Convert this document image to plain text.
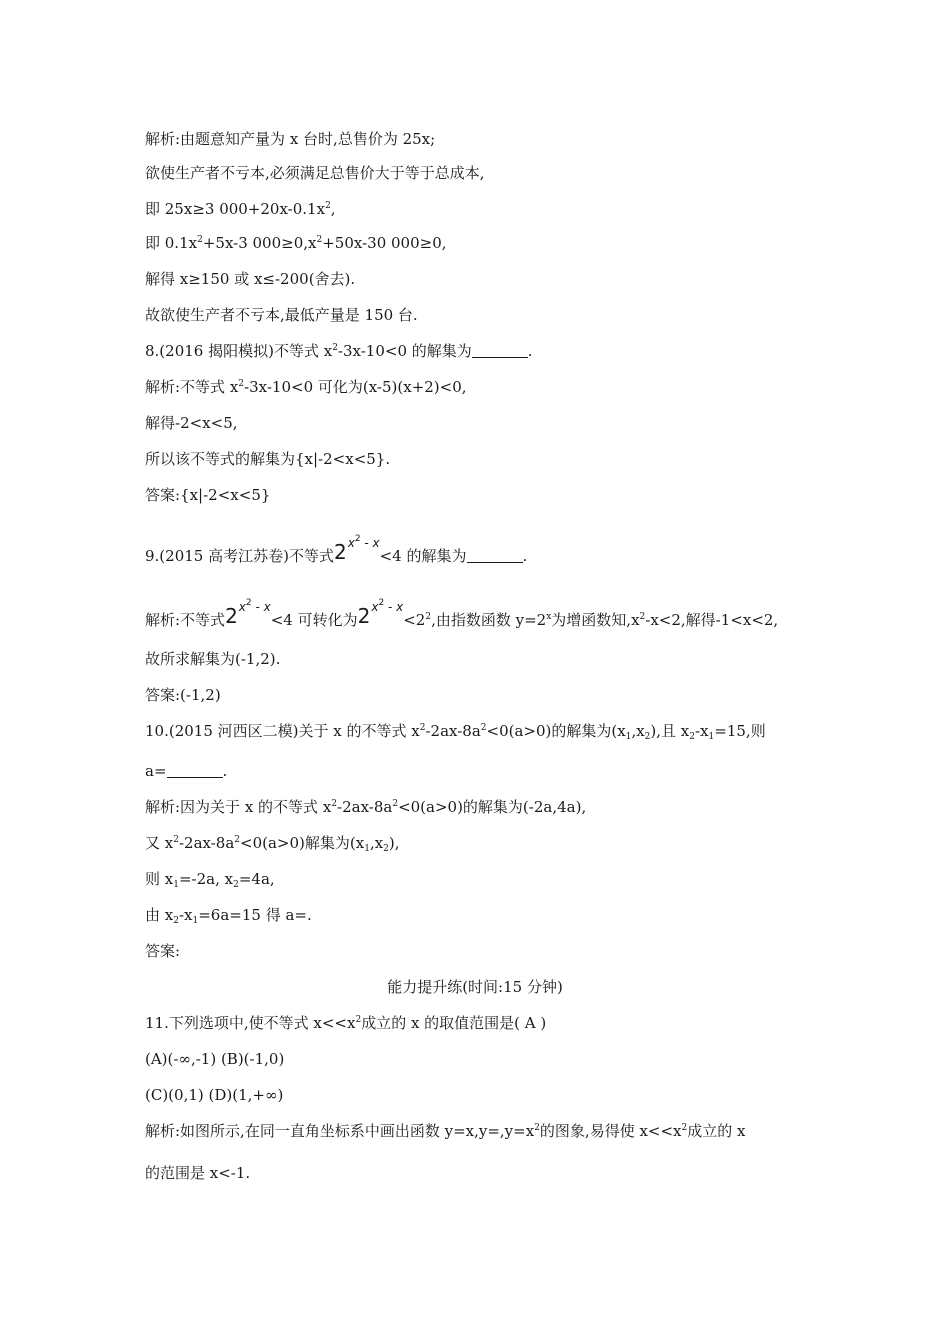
解析:由题意知产量为 x 台时,总售价为 25x;
欲使生产者不亏本,必须满足总售价大于等于总成本,
即 25x≥3 $000+20x-0.1x^2$,
即 $0.1x^2+5x-3$ $000\ge 0,x^2+50x-30$ 000≥0,
解得 x≥150 或 x≤-200(舍去).
故欲使生产者不亏本,最低产量是 150 台.
8.(2016 揭阳模拟)不等式 $x^2-3x-10<0$ 的解集为	.
解析:不等式 $x^2-3x-10<0$ 可化为(x-5)(x+2)<0,
解得-2<x<5,
所以该不等式的解集为{x|-2<x<5}.
答案:{x|-2<x<5}
9.(2015 高考江苏卷)不等式$2^{x^2 - x}<4$ 的解集为	.
解析:不等式$2^{x^2 - x}<4$ 可转化为$2^{x^2 - x}<2^2$,由指数函数 $y=2^x$为增函数知$,x^2-x<2$,解得-1<x<2,
故所求解集为(-1,2).
答案:(-1,2)
10.(2015 河西区二模)关于 x 的不等式 $x^2-2ax-8a^2<0(a>0)$的解集为$(x_1,x_2)$,且 $x_2-x_1=15$,则
a=	.
解析:因为关于 x 的不等式 $x^2-2ax-8a^2<0(a>0)$的解集为(-2a,4a),
又 $x^2-2ax-8a^2<0(a>0)$解集为$(x_1,x_2)$,
则 $x_1=-2a$, $x_2=4a$,
由 $x_2-x_1=6a=15$ 得 a=.
答案:
能力提升练(时间:15 分钟)
11.下列选项中,使不等式 $x<<x^2$成立的 x 的取值范围是( A )
(A)(-∞,-1) (B)(-1,0)
(C)(0,1) (D)(1,+∞)
解析:如图所示,在同一直角坐标系中画出函数 $y=x,y=,y=x^2$的图象,易得使 $x<<x^2$成立的 x
的范围是 x<-1.
